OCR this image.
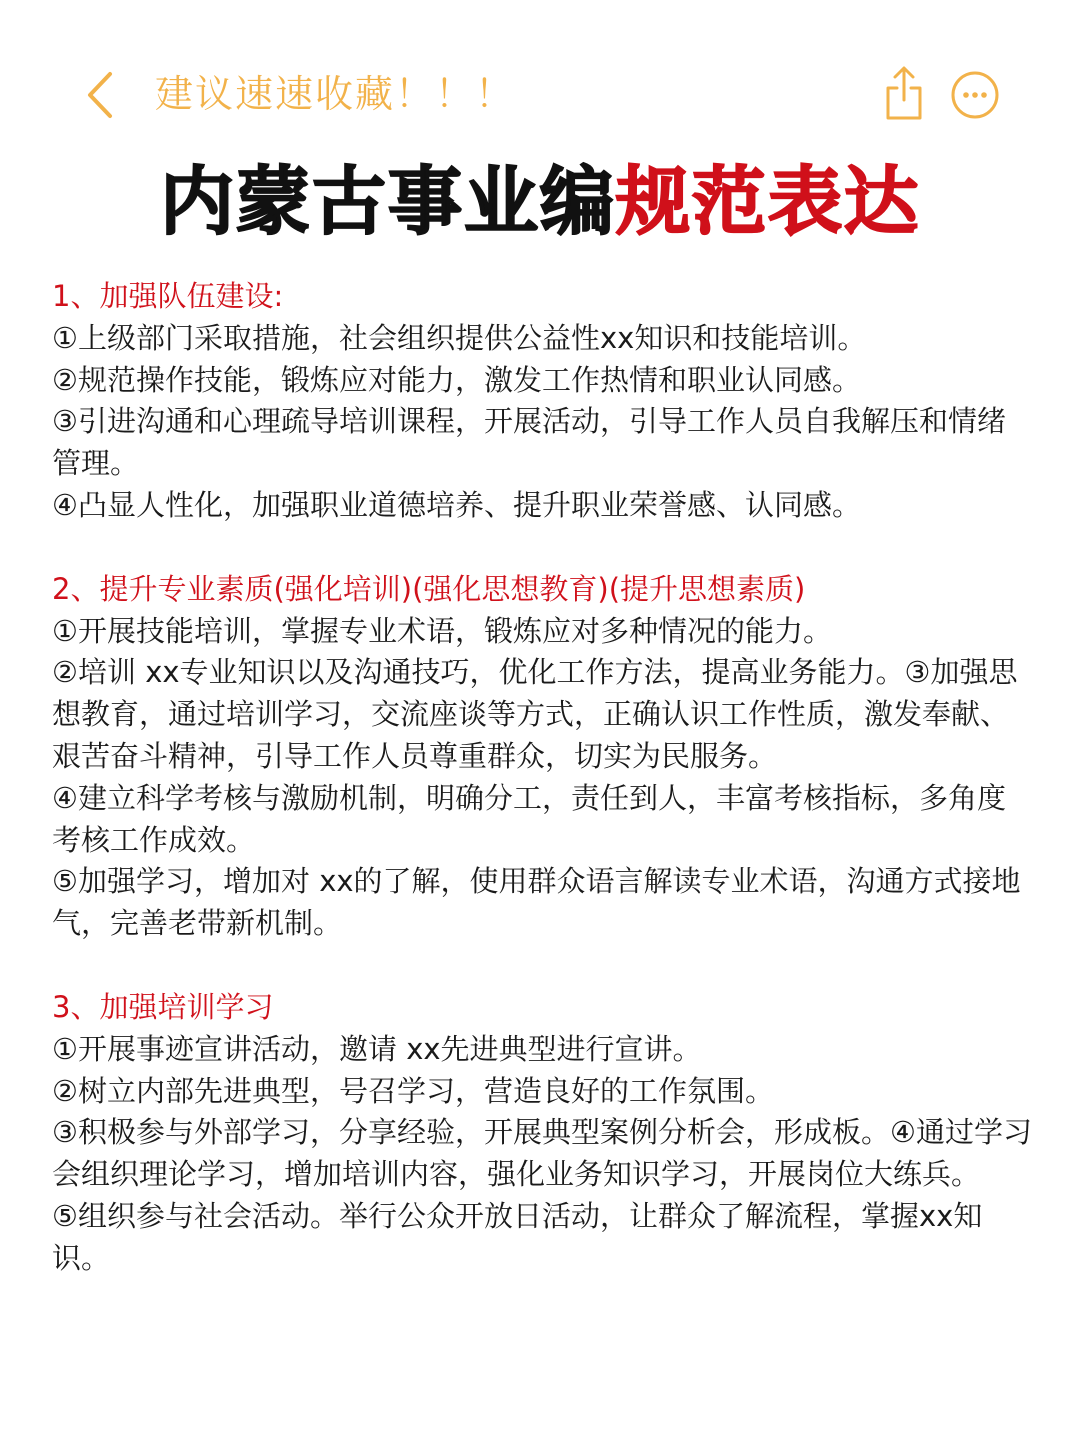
建议速速收藏！！！
内蒙古事业编规范表达

1、加强队伍建设:

①上级部门采取措施，社会组织提供公益性xx知识和技能培训。

②规范操作技能，锻炼应对能力，激发工作热情和职业认同感。

③引进沟通和心理疏导培训课程，开展活动，引导工作人员自我解压和情绪管理。

④凸显人性化，加强职业道德培养、提升职业荣誉感、认同感。

2、提升专业素质(强化培训)(强化思想教育)(提升思想素质)

①开展技能培训，掌握专业术语，锻炼应对多种情况的能力。

②培训 xx专业知识以及沟通技巧，优化工作方法，提高业务能力。③加强思想教育，通过培训学习，交流座谈等方式，正确认识工作性质，激发奉献、艰苦奋斗精神，引导工作人员尊重群众，切实为民服务。

④建立科学考核与激励机制，明确分工，责任到人，丰富考核指标，多角度考核工作成效。

⑤加强学习，增加对 xx的了解，使用群众语言解读专业术语，沟通方式接地气，完善老带新机制。

3、加强培训学习

①开展事迹宣讲活动，邀请 xx先进典型进行宣讲。

②树立内部先进典型，号召学习，营造良好的工作氛围。

③积极参与外部学习，分享经验，开展典型案例分析会，形成板。④通过学习会组织理论学习，增加培训内容，强化业务知识学习，开展岗位大练兵。

⑤组织参与社会活动。举行公众开放日活动，让群众了解流程，掌握xx知识。
